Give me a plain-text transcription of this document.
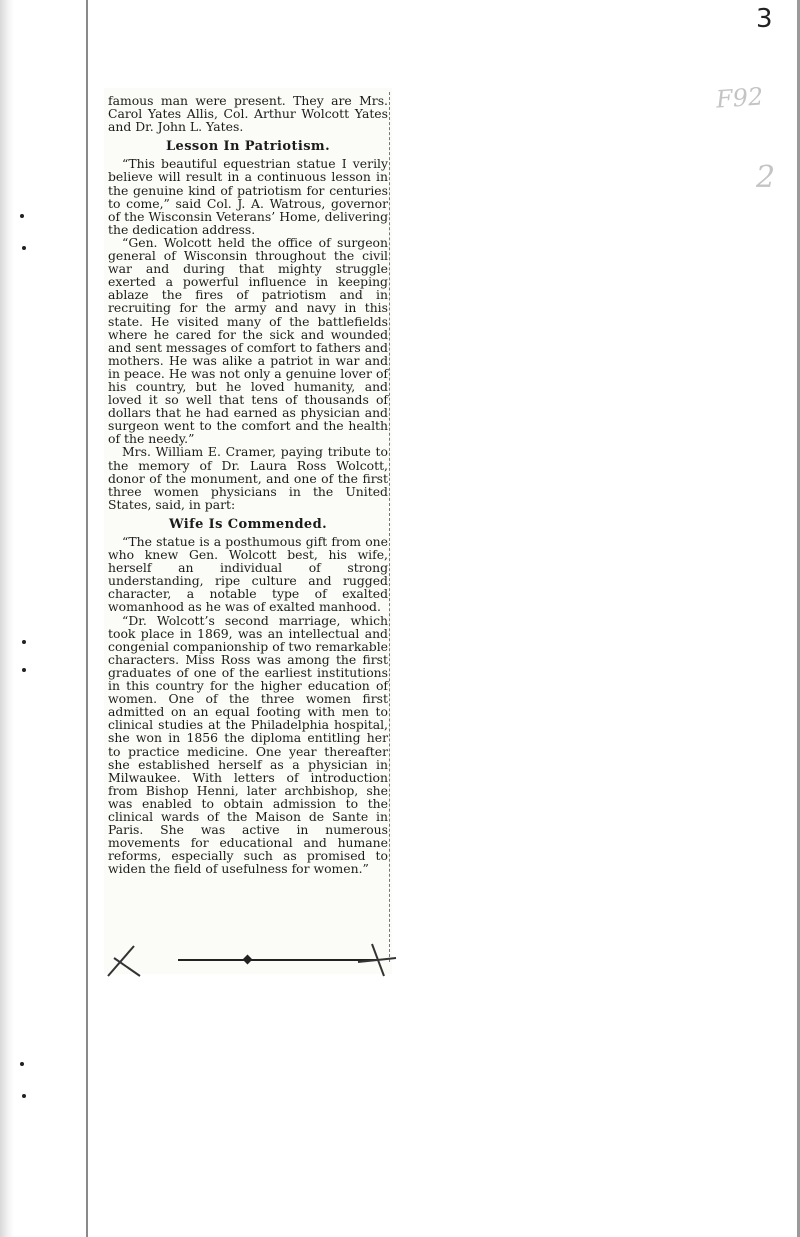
3
F92
2

famous man were present. They are Mrs. Carol Yates Allis, Col. Arthur Wolcott Yates and Dr. John L. Yates.

Lesson In Patriotism.

“This beautiful equestrian statue I verily believe will result in a continuous lesson in the genuine kind of patriotism for centuries to come,” said Col. J. A. Watrous, governor of the Wisconsin Veterans’ Home, delivering the dedication address.

“Gen. Wolcott held the office of surgeon general of Wisconsin throughout the civil war and during that mighty struggle exerted a powerful influence in keeping ablaze the fires of patriotism and in recruiting for the army and navy in this state. He visited many of the battlefields where he cared for the sick and wounded and sent messages of comfort to fathers and mothers. He was alike a patriot in war and in peace. He was not only a genuine lover of his country, but he loved humanity, and loved it so well that tens of thousands of dollars that he had earned as physician and surgeon went to the comfort and the health of the needy.”

Mrs. William E. Cramer, paying tribute to the memory of Dr. Laura Ross Wolcott, donor of the monument, and one of the first three women physicians in the United States, said, in part:

Wife Is Commended.

“The statue is a posthumous gift from one who knew Gen. Wolcott best, his wife, herself an individual of strong understanding, ripe culture and rugged character, a notable type of exalted womanhood as he was of exalted manhood.

“Dr. Wolcott’s second marriage, which took place in 1869, was an intellectual and congenial companionship of two remarkable characters. Miss Ross was among the first graduates of one of the earliest institutions in this country for the higher education of women. One of the three women first admitted on an equal footing with men to clinical studies at the Philadelphia hospital, she won in 1856 the diploma entitling her to practice medicine. One year thereafter she established herself as a physician in Milwaukee. With letters of introduction from Bishop Henni, later archbishop, she was enabled to obtain admission to the clinical wards of the Maison de Sante in Paris. She was active in numerous movements for educational and humane reforms, especially such as promised to widen the field of usefulness for women.”
